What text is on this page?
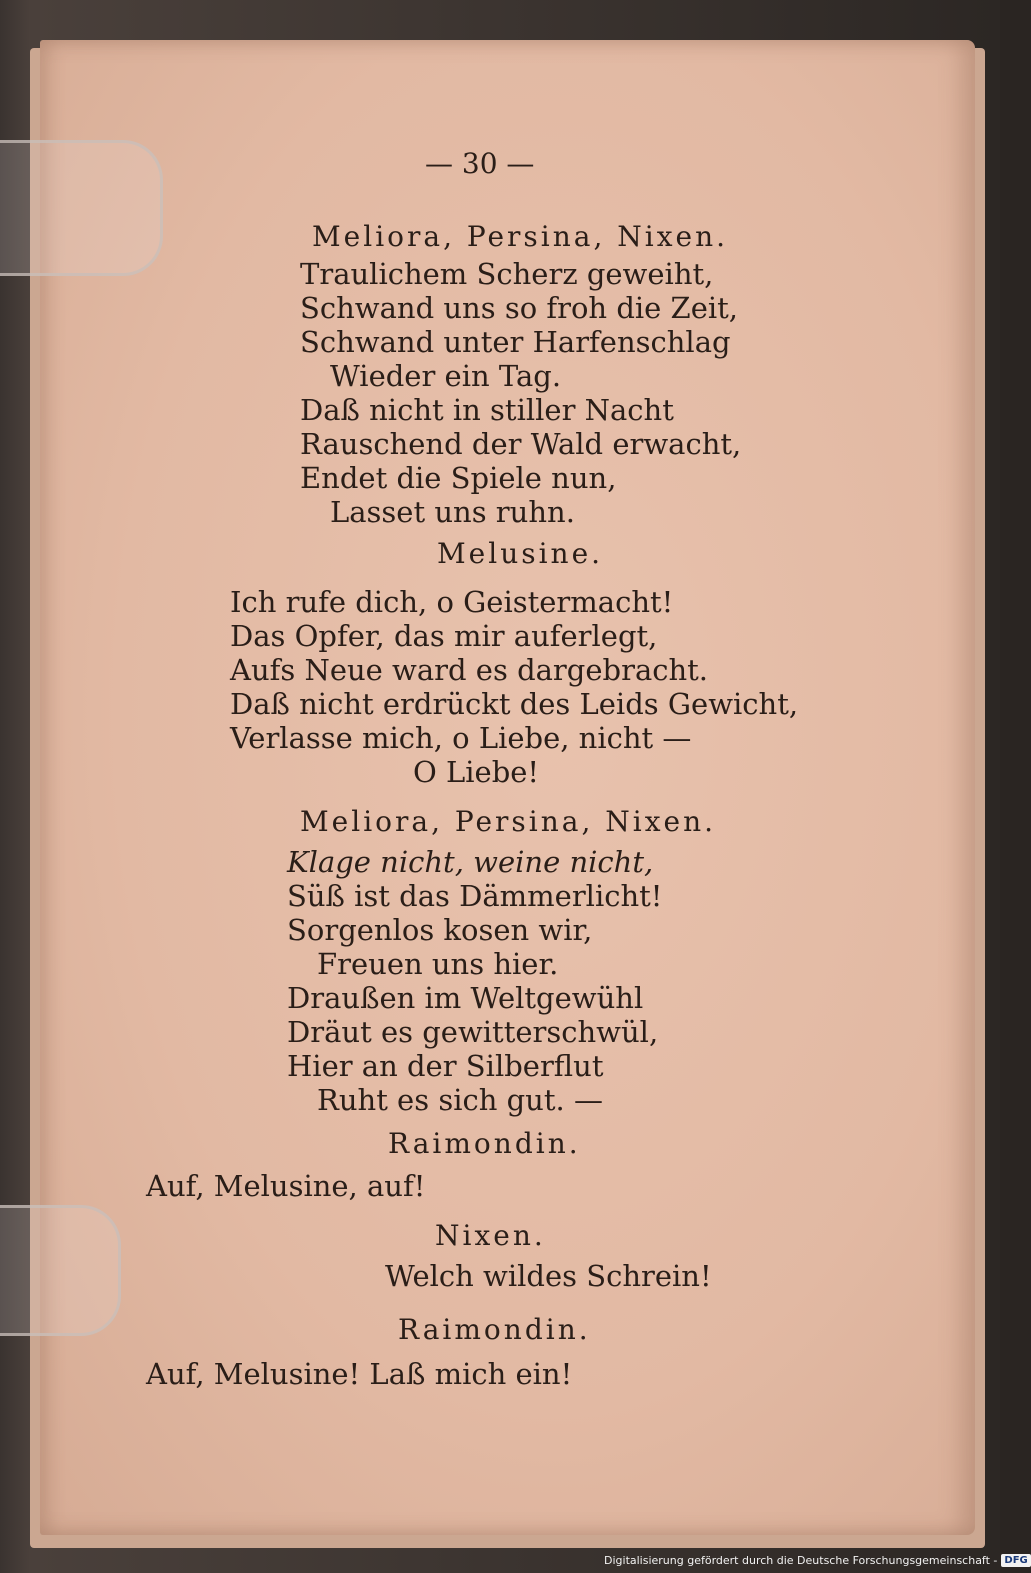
— 30 —
Meliora, Persina, Nixen.
Traulichem Scherz geweiht,
Schwand uns so froh die Zeit,
Schwand unter Harfenschlag
Wieder ein Tag.
Daß nicht in stiller Nacht
Rauschend der Wald erwacht,
Endet die Spiele nun,
Lasset uns ruhn.
Melusine.
Ich rufe dich, o Geistermacht!
Das Opfer, das mir auferlegt,
Aufs Neue ward es dargebracht.
Daß nicht erdrückt des Leids Gewicht,
Verlasse mich, o Liebe, nicht —
O Liebe!
Meliora, Persina, Nixen.
Klage nicht, weine nicht,
Süß ist das Dämmerlicht!
Sorgenlos kosen wir,
Freuen uns hier.
Draußen im Weltgewühl
Dräut es gewitterschwül,
Hier an der Silberflut
Ruht es sich gut. —
Raimondin.
Auf, Melusine, auf!
Nixen.
Welch wildes Schrein!
Raimondin.
Auf, Melusine! Laß mich ein!
Digitalisierung gefördert durch die Deutsche Forschungsgemeinschaft - DFG
